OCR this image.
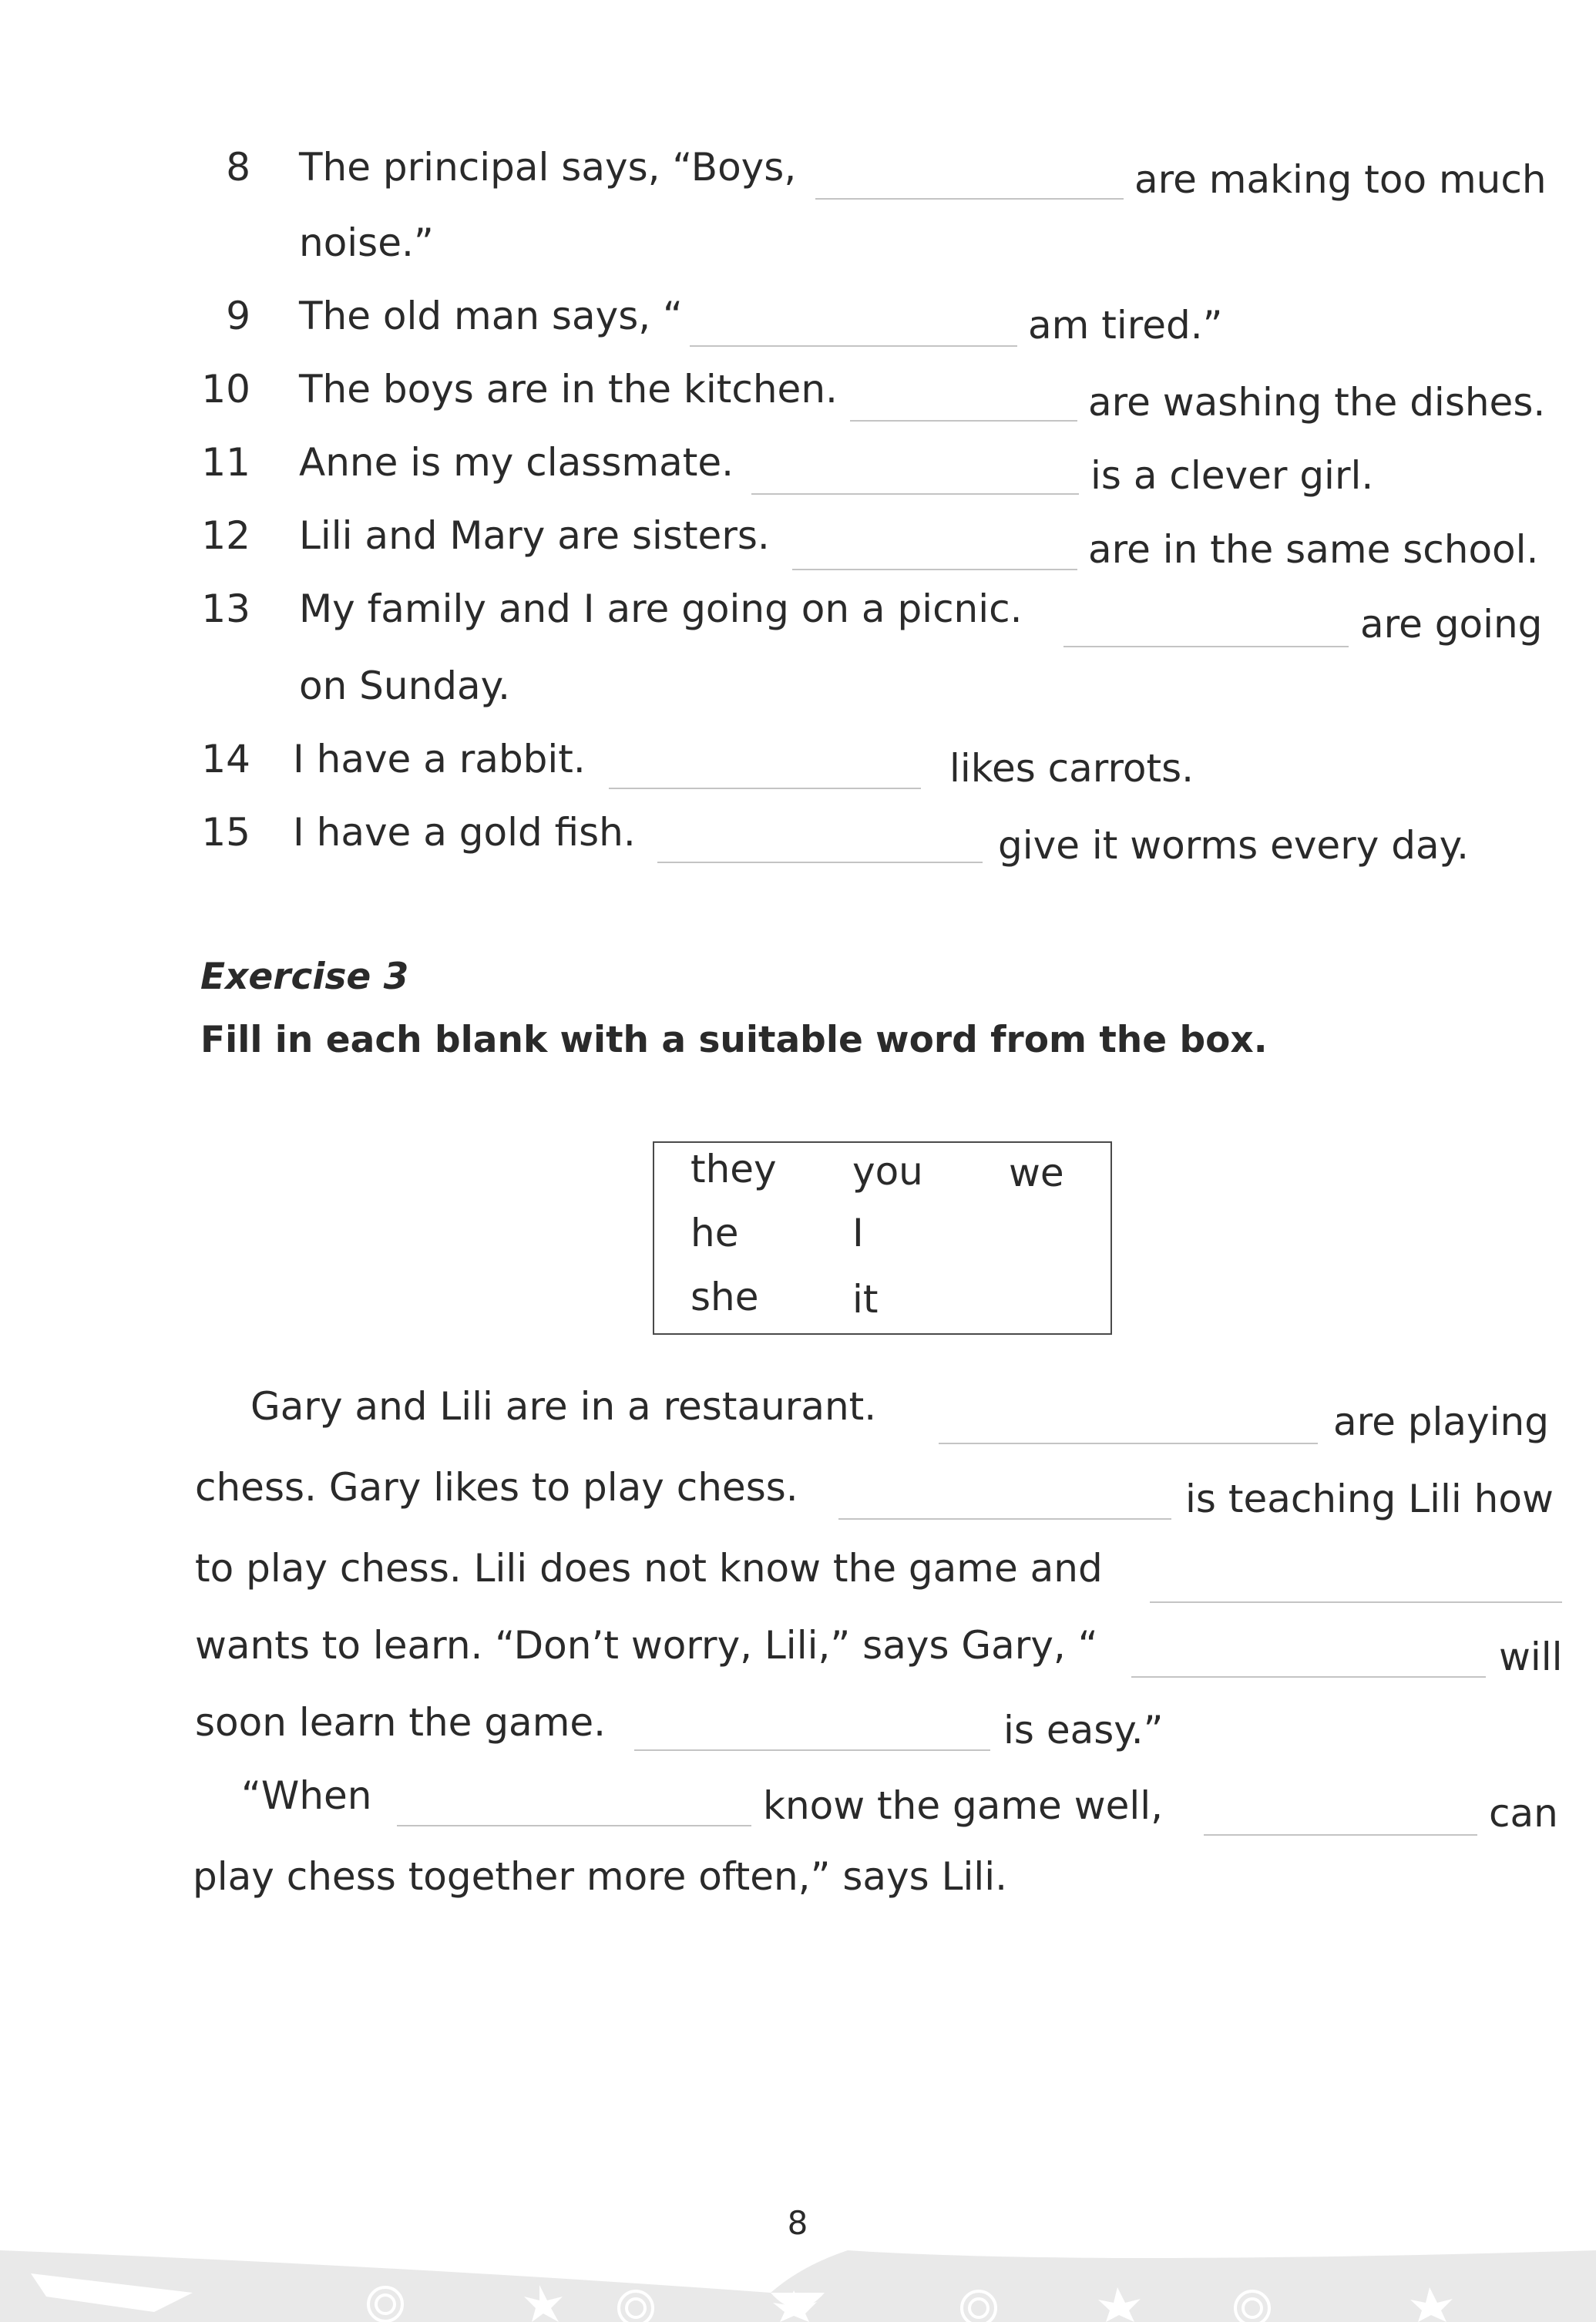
8 The principal says, “Boys,	are making too much
noise.”
9 The old man says, “	am tired.”
10 The boys are in the kitchen.	are washing the dishes.
11 Anne is my classmate.	is a clever girl.
12 Lili and Mary are sisters.	are in the same school.
13 My family and I are going on a picnic.	are going
on Sunday.
14 I have a rabbit.	likes carrots.
15 I have a gold fish.	give it worms every day.
Exercise 3
Fill in each blank with a suitable word from the box.
they you we
he	I
she it
Gary and Lili are in a restaurant.	are playing
chess. Gary likes to play chess.	is teaching Lili how
to play chess. Lili does not know the game and
wants to learn. “Don’t worry, Lili,” says Gary, “	will
soon learn the game.	is easy.”
“When	know the game well,	can
play chess together more often,” says Lili.
8
